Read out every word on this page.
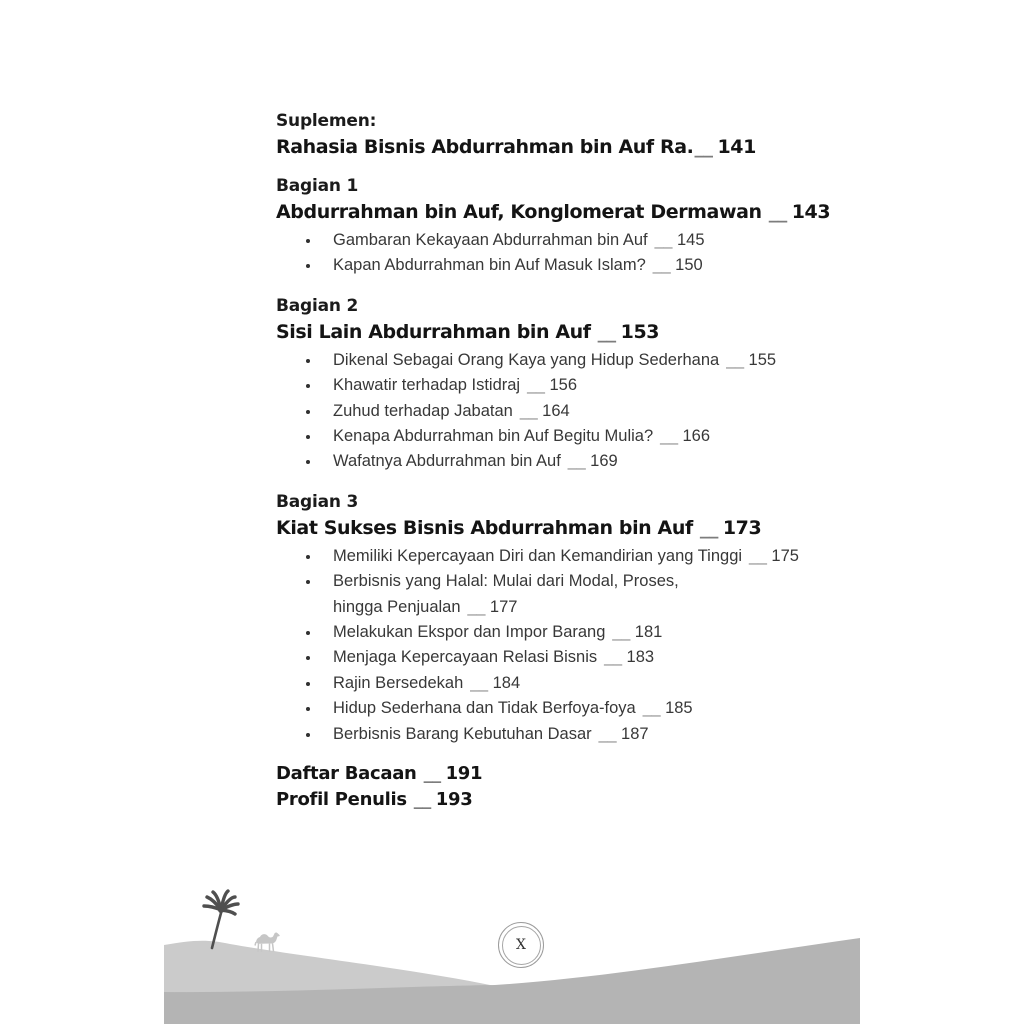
Suplemen:
Rahasia Bisnis Abdurrahman bin Auf Ra.__ 141
Bagian 1
Abdurrahman bin Auf, Konglomerat Dermawan __ 143
Gambaran Kekayaan Abdurrahman bin Auf __ 145
Kapan Abdurrahman bin Auf Masuk Islam? __ 150
Bagian 2
Sisi Lain Abdurrahman bin Auf __ 153
Dikenal Sebagai Orang Kaya yang Hidup Sederhana __ 155
Khawatir terhadap Istidraj __ 156
Zuhud terhadap Jabatan __ 164
Kenapa Abdurrahman bin Auf Begitu Mulia? __ 166
Wafatnya Abdurrahman bin Auf __ 169
Bagian 3
Kiat Sukses Bisnis Abdurrahman bin Auf __ 173
Memiliki Kepercayaan Diri dan Kemandirian yang Tinggi __ 175
Berbisnis yang Halal: Mulai dari Modal, Proses,
hingga Penjualan __ 177
Melakukan Ekspor dan Impor Barang __ 181
Menjaga Kepercayaan Relasi Bisnis __ 183
Rajin Bersedekah __ 184
Hidup Sederhana dan Tidak Berfoya-foya __ 185
Berbisnis Barang Kebutuhan Dasar __ 187
Daftar Bacaan __ 191
Profil Penulis __ 193
X
